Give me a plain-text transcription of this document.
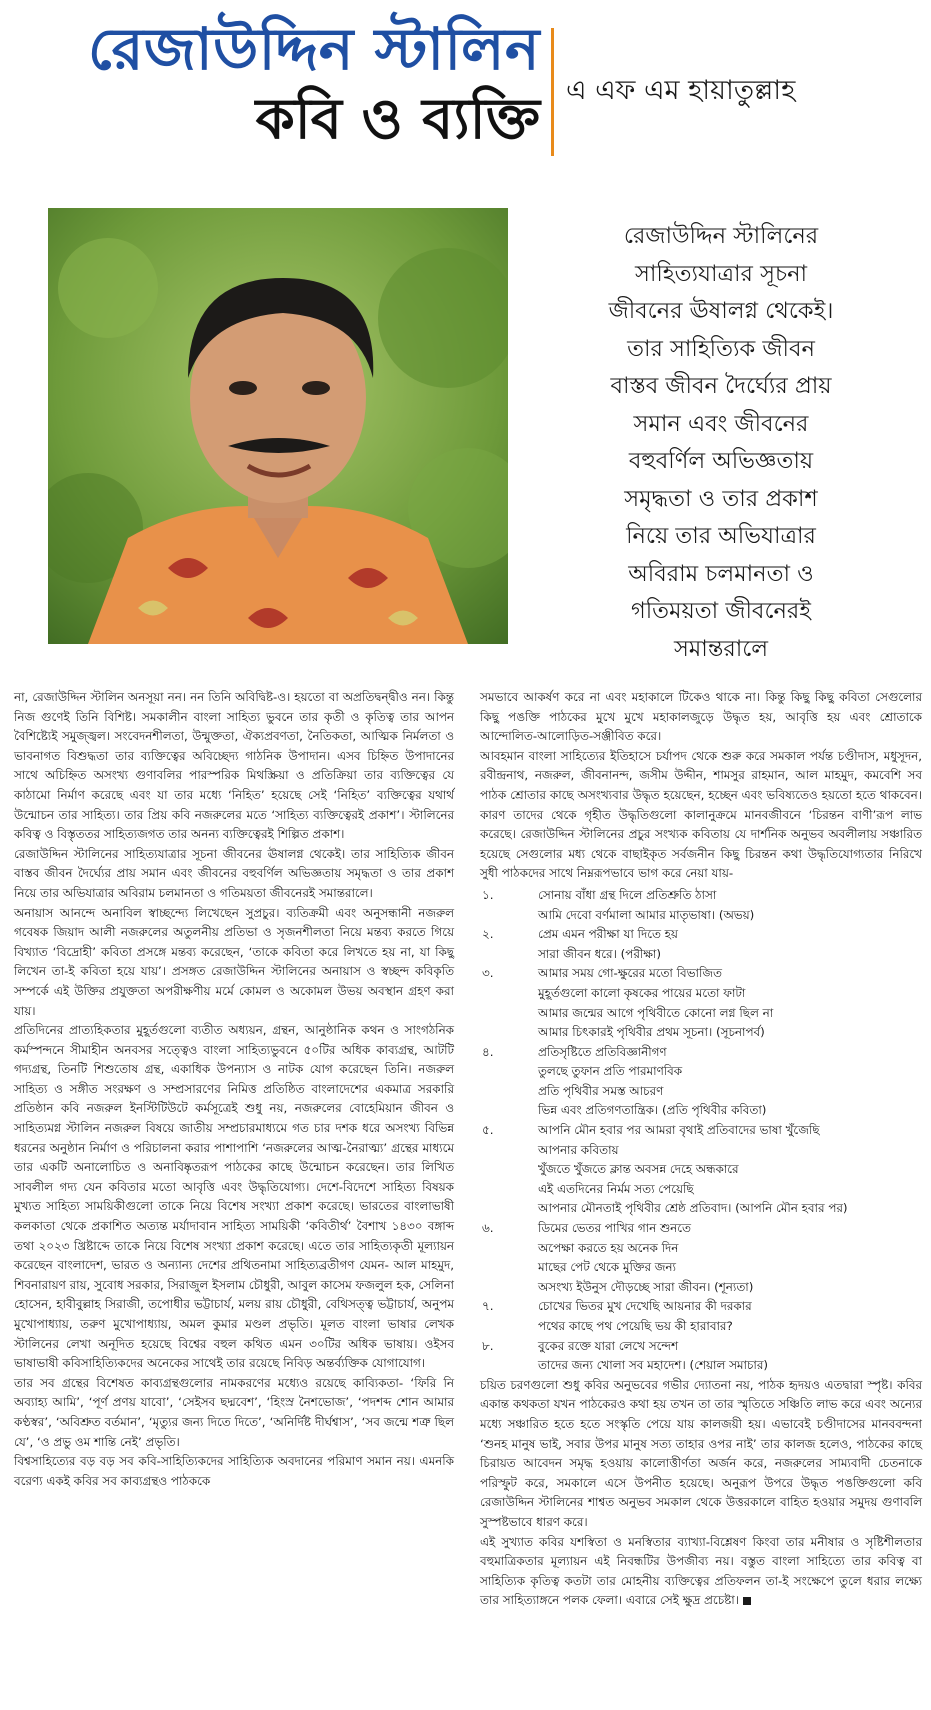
রেজাউদ্দিন স্টালিন
কবি ও ব্যক্তি এ এফ এম হায়াতুল্লাহ
রেজাউদ্দিন স্টালিনের
সাহিত্যযাত্রার সূচনা
জীবনের ঊষালগ্ন থেকেই।
তার সাহিত্যিক জীবন
বাস্তব জীবন দৈর্ঘ্যের প্রায়
সমান এবং জীবনের
বহুবর্ণিল অভিজ্ঞতায়
সমৃদ্ধতা ও তার প্রকাশ
নিয়ে তার অভিযাত্রার
অবিরাম চলমানতা ও
গতিময়তা জীবনেরই
সমান্তরালে

না, রেজাউদ্দিন স্টালিন অনসূয়া নন। নন তিনি অবিদ্বিষ্ট-ও। হয়তো বা অপ্রতিদ্বন্দ্বীও নন। কিন্তু নিজ গুণেই তিনি বিশিষ্ট। সমকালীন বাংলা সাহিত্য ভুবনে তার কৃতী ও কৃতিত্ব তার আপন বৈশিষ্ট্যেই সমুজ্জ্বল। সংবেদনশীলতা, উন্মুক্ততা, ঐক্যপ্রবণতা, নৈতিকতা, আত্মিক নির্মলতা ও ভাবনাগত বিশুদ্ধতা তার ব্যক্তিত্বের অবিচ্ছেদ্য গাঠনিক উপাদান। এসব চিহ্নিত উপাদানের সাথে অচিহ্নিত অসংখ্য গুণাবলির পারস্পরিক মিথস্ক্রিয়া ও প্রতিক্রিয়া তার ব্যক্তিত্বের যে কাঠামো নির্মাণ করেছে এবং যা তার মধ্যে ‘নিহিত’ হয়েছে সেই ‘নিহিত’ ব্যক্তিত্বের যথার্থ উন্মোচন তার সাহিত্য। তার প্রিয় কবি নজরুলের মতে ‘সাহিত্য ব্যক্তিত্বেরই প্রকাশ’। স্টালিনের কবিত্ব ও বিস্তৃততর সাহিত্যজগত তার অনন্য ব্যক্তিত্বেরই শিল্পিত প্রকাশ।

রেজাউদ্দিন স্টালিনের সাহিত্যযাত্রার সূচনা জীবনের ঊষালগ্ন থেকেই। তার সাহিত্যিক জীবন বাস্তব জীবন দৈর্ঘ্যের প্রায় সমান এবং জীবনের বহুবর্ণিল অভিজ্ঞতায় সমৃদ্ধতা ও তার প্রকাশ নিয়ে তার অভিযাত্রার অবিরাম চলমানতা ও গতিময়তা জীবনেরই সমান্তরালে।

অনায়াস আনন্দে অনাবিল স্বাচ্ছন্দ্যে লিখেছেন সুপ্রচুর। ব্যতিক্রমী এবং অনুসন্ধানী নজরুল গবেষক জিয়াদ আলী নজরুলের অতুলনীয় প্রতিভা ও সৃজনশীলতা নিয়ে মন্তব্য করতে গিয়ে বিখ্যাত ‘বিদ্রোহী’ কবিতা প্রসঙ্গে মন্তব্য করেছেন, ‘তাকে কবিতা করে লিখতে হয় না, যা কিছু লিখেন তা-ই কবিতা হয়ে যায়’। প্রসঙ্গত রেজাউদ্দিন স্টালিনের অনায়াস ও স্বচ্ছন্দ কবিকৃতি সম্পর্কে এই উক্তির প্রযুক্ততা অপরীক্ষণীয় মর্মে কোমল ও অকোমল উভয় অবস্থান গ্রহণ করা যায়।

প্রতিদিনের প্রাত্যহিকতার মুহূর্তগুলো ব্যতীত অধ্যয়ন, গ্রন্থন, আনুষ্ঠানিক কথন ও সাংগঠনিক কর্মস্পন্দনে সীমাহীন অনবসর সত্ত্বেও বাংলা সাহিত্যভুবনে ৫০টির অধিক কাব্যগ্রন্থ, আটটি গদ্যগ্রন্থ, তিনটি শিশুতোষ গ্রন্থ, একাধিক উপন্যাস ও নাটক যোগ করেছেন তিনি। নজরুল সাহিত্য ও সঙ্গীত সংরক্ষণ ও সম্প্রসারণের নিমিত্ত প্রতিষ্ঠিত বাংলাদেশের একমাত্র সরকারি প্রতিষ্ঠান কবি নজরুল ইনস্টিটিউটে কর্মসূত্রেই শুধু নয়, নজরুলের বোহেমিয়ান জীবন ও সাহিত্যমগ্ন স্টালিন নজরুল বিষয়ে জাতীয় সম্প্রচারমাধ্যমে গত চার দশক ধরে অসংখ্য বিভিন্ন ধরনের অনুষ্ঠান নির্মাণ ও পরিচালনা করার পাশাপাশি ‘নজরুলের আত্ম-নৈরাত্ম্য’ গ্রন্থের মাধ্যমে তার একটি অনালোচিত ও অনাবিষ্কৃতরূপ পাঠকের কাছে উন্মোচন করেছেন। তার লিখিত সাবলীল গদ্য যেন কবিতার মতো আবৃত্তি এবং উদ্ধৃতিযোগ্য। দেশে-বিদেশে সাহিত্য বিষয়ক মুখ্যত সাহিত্য সাময়িকীগুলো তাকে নিয়ে বিশেষ সংখ্যা প্রকাশ করেছে। ভারতের বাংলাভাষী কলকাতা থেকে প্রকাশিত অত্যন্ত মর্যাদাবান সাহিত্য সাময়িকী ‘কবিতীর্থ’ বৈশাখ ১৪৩০ বঙ্গাব্দ তথা ২০২৩ খ্রিষ্টাব্দে তাকে নিয়ে বিশেষ সংখ্যা প্রকাশ করেছে। এতে তার সাহিত্যকৃতী মূল্যায়ন করেছেন বাংলাদেশ, ভারত ও অন্যান্য দেশের প্রথিতনামা সাহিত্যব্রতীগণ যেমন- আল মাহমুদ, শিবনারায়ণ রায়, সুবোধ সরকার, সিরাজুল ইসলাম চৌধুরী, আবুল কাসেম ফজলুল হক, সেলিনা হোসেন, হাবীবুল্লাহ সিরাজী, তপোধীর ভট্টাচার্য, মলয় রায় চৌধুরী, বেথিসত্ত্ব ভট্টাচার্য, অনুপম মুখোপাধ্যায়, তরুণ মুখোপাধ্যায়, অমল কুমার মণ্ডল প্রভৃতি। মূলত বাংলা ভাষার লেখক স্টালিনের লেখা অনূদিত হয়েছে বিশ্বের বহুল কথিত এমন ৩০টির অধিক ভাষায়। ওইসব ভাষাভাষী কবিসাহিত্যিকদের অনেকের সাথেই তার রয়েছে নিবিড় অন্তর্ব্যক্তিক যোগাযোগ।

তার সব গ্রন্থের বিশেষত কাব্যগ্রন্থগুলোর নামকরণের মধ্যেও রয়েছে কাব্যিকতা- ‘ফিরি নি অব্যাহ্য আমি’, ‘পূর্ণ প্রণয় যাবো’, ‘সেইসব ছদ্মবেশ’, ‘হিংস্র নৈশভোজ’, ‘পদশব্দ শোন আমার কণ্ঠস্বর’, ‘অবিশ্রুত বর্তমান’, ‘মৃত্যুর জন্য দিতে দিতে’, ‘অনির্দিষ্ট দীর্ঘশ্বাস’, ‘সব জন্মে শত্রু ছিল যে’, ‘ও প্রভু ওম শান্তি নেই’ প্রভৃতি।

বিশ্বসাহিত্যের বড় বড় সব কবি-সাহিত্যিকদের সাহিত্যিক অবদানের পরিমাণ সমান নয়। এমনকি বরেণ্য একই কবির সব কাব্যগ্রন্থও পাঠককে

সমভাবে আকর্ষণ করে না এবং মহাকালে টিকেও থাকে না। কিন্তু কিছু কিছু কবিতা সেগুলোর কিছু পঙক্তি পাঠকের মুখে মুখে মহাকালজুড়ে উদ্ধৃত হয়, আবৃত্তি হয় এবং শ্রোতাকে আন্দোলিত-আলোড়িত-সঞ্জীবিত করে।

আবহমান বাংলা সাহিত্যের ইতিহাসে চর্যাপদ থেকে শুরু করে সমকাল পর্যন্ত চণ্ডীদাস, মধুসূদন, রবীন্দ্রনাথ, নজরুল, জীবনানন্দ, জসীম উদ্দীন, শামসুর রাহমান, আল মাহমুদ, কমবেশি সব পাঠক শ্রোতার কাছে অসংখ্যবার উদ্ধৃত হয়েছেন, হচ্ছেন এবং ভবিষ্যতেও হয়তো হতে থাকবেন। কারণ তাদের থেকে গৃহীত উদ্ধৃতিগুলো কালানুক্রমে মানবজীবনে ‘চিরন্তন বাণী’রূপ লাভ করেছে। রেজাউদ্দিন স্টালিনের প্রচুর সংখ্যক কবিতায় যে দার্শনিক অনুভব অবলীলায় সঞ্চারিত হয়েছে সেগুলোর মধ্য থেকে বাছাইকৃত সর্বজনীন কিছু চিরন্তন কথা উদ্ধৃতিযোগ্যতার নিরিখে সুধী পাঠকদের সাথে নিম্নরূপভাবে ভাগ করে নেয়া যায়-

১.	সোনায় বাঁধা গ্রন্থ দিলে প্রতিশ্রুতি ঠাসা
আমি দেবো বর্ণমালা আমার মাতৃভাষা। (অভয়)
২.	প্রেম এমন পরীক্ষা যা দিতে হয়
সারা জীবন ধরে। (পরীক্ষা)
৩.	আমার সময় গো-ক্ষুরের মতো বিভাজিত
মুহূর্তগুলো কালো কৃষকের পায়ের মতো ফাটা
আমার জন্মের আগে পৃথিবীতে কোনো লগ্ন ছিল না
আমার চিৎকারই পৃথিবীর প্রথম সূচনা। (সূচনাপর্ব)
৪.	প্রতিসৃষ্টিতে প্রতিবিজ্ঞানীগণ
তুলছে তুফান প্রতি পারমাণবিক
প্রতি পৃথিবীর সমস্ত আচরণ
ভিন্ন এবং প্রতিগণতান্ত্রিক। (প্রতি পৃথিবীর কবিতা)
৫.	আপনি মৌন হবার পর আমরা বৃথাই প্রতিবাদের ভাষা খুঁজেছি
আপনার কবিতায়
খুঁজতে খুঁজতে ক্লান্ত অবসন্ন দেহে অন্ধকারে
এই এতদিনের নির্মম সত্য পেয়েছি
আপনার মৌনতাই পৃথিবীর শ্রেষ্ঠ প্রতিবাদ। (আপনি মৌন হবার পর)
৬.	ডিমের ভেতর পাখির গান শুনতে
অপেক্ষা করতে হয় অনেক দিন
মাছের পেট থেকে মুক্তির জন্য
অসংখ্য ইউনুস দৌড়চ্ছে সারা জীবন। (শূন্যতা)
৭.	চোখের ভিতর মুখ দেখেছি আয়নার কী দরকার
পথের কাছে পথ পেয়েছি ভয় কী হারাবার?
৮.	বুকের রক্তে যারা লেখে সন্দেশ
তাদের জন্য খোলা সব মহাদেশ। (শেয়াল সমাচার)

চয়িত চরণগুলো শুধু কবির অনুভবের গভীর দ্যোতনা নয়, পাঠক হৃদয়ও এতদ্বারা স্পৃষ্ট। কবির একান্ত কথকতা যখন পাঠকেরও কথা হয় তখন তা তার স্মৃতিতে সঞ্চিতি লাভ করে এবং অন্যের মধ্যে সঞ্চারিত হতে হতে সংস্কৃতি পেয়ে যায় কালজয়ী হয়। এভাবেই চণ্ডীদাসের মানববন্দনা ‘শুনহ মানুষ ভাই, সবার উপর মানুষ সত্য তাহার ওপর নাই’ তার কালজ হলেও, পাঠকের কাছে চিরায়ত আবেদন সমৃদ্ধ হওয়ায় কালোত্তীর্ণতা অর্জন করে, নজরুলের সাম্যবাদী চেতনাকে পরিস্ফুট করে, সমকালে এসে উপনীত হয়েছে। অনুরূপ উপরে উদ্ধৃত পঙক্তিগুলো কবি রেজাউদ্দিন স্টালিনের শাশ্বত অনুভব সমকাল থেকে উত্তরকালে বাহিত হওয়ার সমুদয় গুণাবলি সুস্পষ্টভাবে ধারণ করে।

এই সুখ্যাত কবির যশস্বিতা ও মনস্বিতার ব্যাখ্যা-বিশ্লেষণ কিংবা তার মনীষার ও সৃষ্টিশীলতার বহুমাত্রিকতার মূল্যায়ন এই নিবন্ধটির উপজীব্য নয়। বস্তুত বাংলা সাহিত্যে তার কবিত্ব বা সাহিত্যিক কৃতিত্ব কতটা তার মোহনীয় ব্যক্তিত্বের প্রতিফলন তা-ই সংক্ষেপে তুলে ধরার লক্ষ্যে তার সাহিত্যাঙ্গনে পলক ফেলা। এবারে সেই ক্ষুদ্র প্রচেষ্টা।
